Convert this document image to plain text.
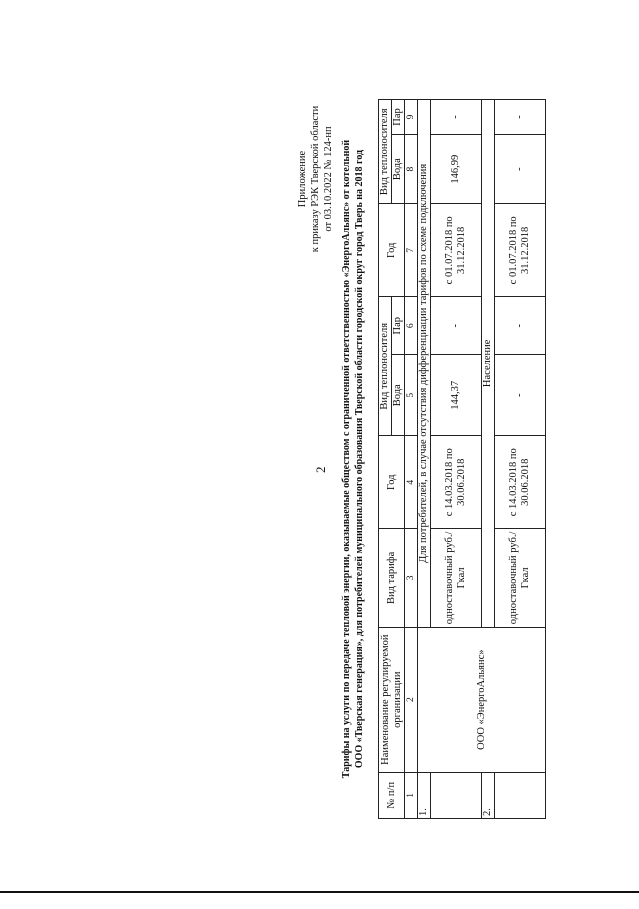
2
Приложение к приказу РЭК Тверской области от 03.10.2022 № 124-нп Тарифы на услуги по передаче тепловой энергии, оказываемые обществом с ограниченной ответственностью «ЭнергоАльянс» от котельной ООО «Тверская генерация», для потребителей муниципального образования Тверской области городской округ город Тверь на 2018 год
№ п/п	Наименование регулируемой организации	Вид тарифа	Год	Вид теплоносителя		Год	Вид теплоносителя	
				Вода	Пар		Вода	Пар
1	2	3	4	5	6	7	8	9
1.	ООО «ЭнергоАльянс»	Для потребителей, в случае отсутствия дифференциации тарифов по схеме подключения						
		одноставочный руб./Гкал	с 14.03.2018 по 30.06.2018	144,37	-	с 01.07.2018 по 31.12.2018	146,99	-
2.		Население						
		одноставочный руб./Гкал	с 14.03.2018 по 30.06.2018	-	-	с 01.07.2018 по 31.12.2018	-	-
